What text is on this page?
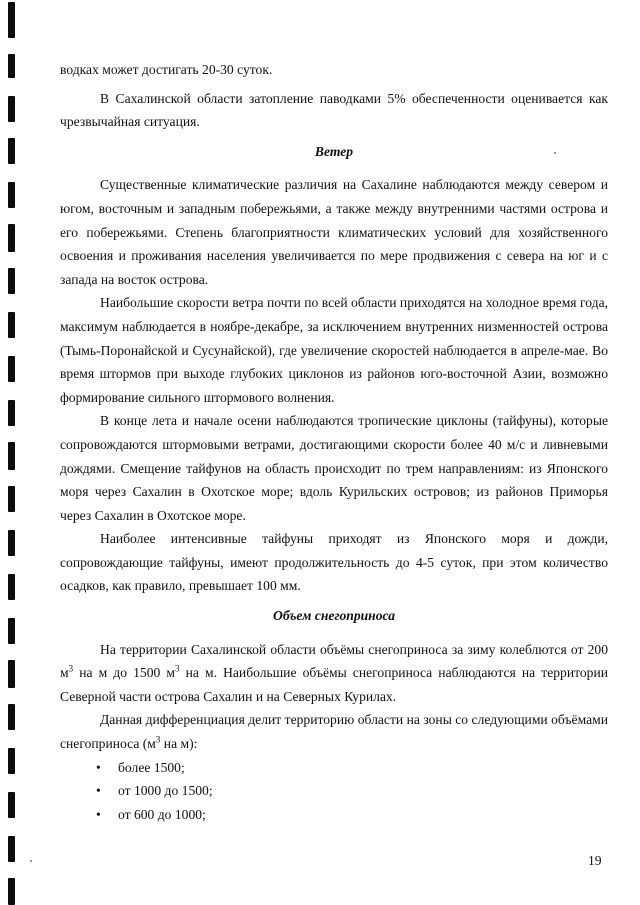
водках может достигать 20-30 суток.

В Сахалинской области затопление паводками 5% обеспеченности оценивается как чрезвычайная ситуация.

Ветер

Существенные климатические различия на Сахалине наблюдаются между севером и югом, восточным и западным побережьями, а также между внутренними частями острова и его побережьями. Степень благоприятности климатических условий для хозяйственного освоения и проживания населения увеличивается по мере продвижения с севера на юг и с запада на восток острова.

Наибольшие скорости ветра почти по всей области приходятся на холодное время года, максимум наблюдается в ноябре-декабре, за исключением внутренних низменностей острова (Тымь-Поронайской и Сусунайской), где увеличение скоростей наблюдается в апреле-мае. Во время штормов при выходе глубоких циклонов из районов юго-восточной Азии, возможно формирование сильного штормового волнения.

В конце лета и начале осени наблюдаются тропические циклоны (тайфуны), которые сопровождаются штормовыми ветрами, достигающими скорости более 40 м/с и ливневыми дождями. Смещение тайфунов на область происходит по трем направлениям: из Японского моря через Сахалин в Охотское море; вдоль Курильских островов; из районов Приморья через Сахалин в Охотское море.

Наиболее интенсивные тайфуны приходят из Японского моря и дожди, сопровождающие тайфуны, имеют продолжительность до 4-5 суток, при этом количество осадков, как правило, превышает 100 мм.

Объем снегоприноса

На территории Сахалинской области объёмы снегоприноса за зиму колеблются от 200 $м^3$ на м до 1500 $м^3$ на м. Наибольшие объёмы снегоприноса наблюдаются на территории Северной части острова Сахалин и на Северных Курилах.

Данная дифференциация делит территорию области на зоны со следующими объёмами снегоприноса ($м^3$ на м):

• более 1500;
• от 1000 до 1500;
• от 600 до 1000;
19
